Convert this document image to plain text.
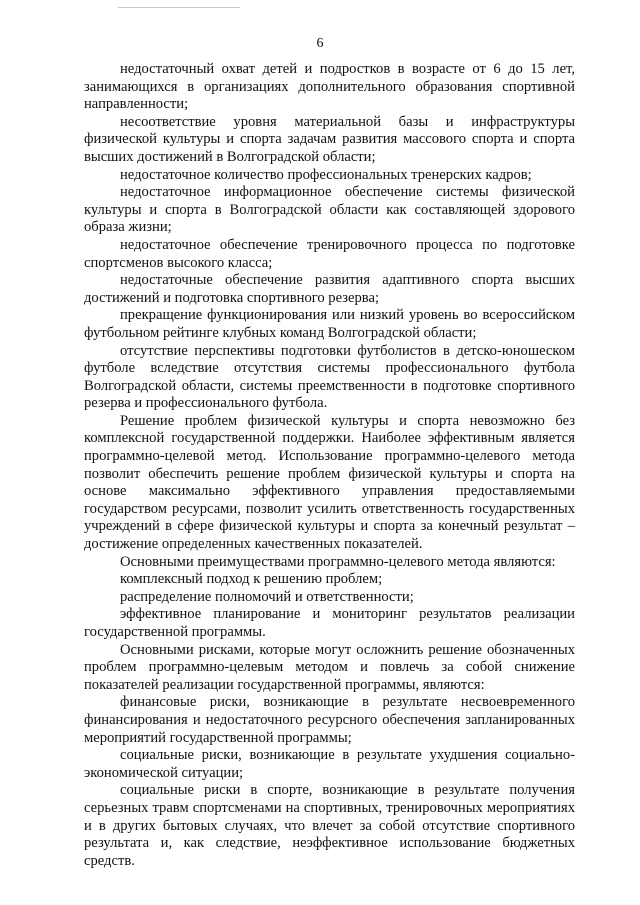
6

недостаточный охват детей и подростков в возрасте от 6 до 15 лет, занимающихся в организациях дополнительного образования спортивной направленности;

несоответствие уровня материальной базы и инфраструктуры физической культуры и спорта задачам развития массового спорта и спорта высших достижений в Волгоградской области;

недостаточное количество профессиональных тренерских кадров;

недостаточное информационное обеспечение системы физической культуры и спорта в Волгоградской области как составляющей здорового образа жизни;

недостаточное обеспечение тренировочного процесса по подготовке спортсменов высокого класса;

недостаточные обеспечение развития адаптивного спорта высших достижений и подготовка спортивного резерва;

прекращение функционирования или низкий уровень во всероссийском футбольном рейтинге клубных команд Волгоградской области;

отсутствие перспективы подготовки футболистов в детско-юношеском футболе вследствие отсутствия системы профессионального футбола Волгоградской области, системы преемственности в подготовке спортивного резерва и профессионального футбола.

Решение проблем физической культуры и спорта невозможно без комплексной государственной поддержки. Наиболее эффективным является программно-целевой метод. Использование программно-целевого метода позволит обеспечить решение проблем физической культуры и спорта на основе максимально эффективного управления предоставляемыми государством ресурсами, позволит усилить ответственность государственных учреждений в сфере физической культуры и спорта за конечный результат – достижение определенных качественных показателей.

Основными преимуществами программно-целевого метода являются:

комплексный подход к решению проблем;

распределение полномочий и ответственности;

эффективное планирование и мониторинг результатов реализации государственной программы.

Основными рисками, которые могут осложнить решение обозначенных проблем программно-целевым методом и повлечь за собой снижение показателей реализации государственной программы, являются:

финансовые риски, возникающие в результате несвоевременного финансирования и недостаточного ресурсного обеспечения запланированных мероприятий государственной программы;

социальные риски, возникающие в результате ухудшения социально-экономической ситуации;

социальные риски в спорте, возникающие в результате получения серьезных травм спортсменами на спортивных, тренировочных мероприятиях и в других бытовых случаях, что влечет за собой отсутствие спортивного результата и, как следствие, неэффективное использование бюджетных средств.
